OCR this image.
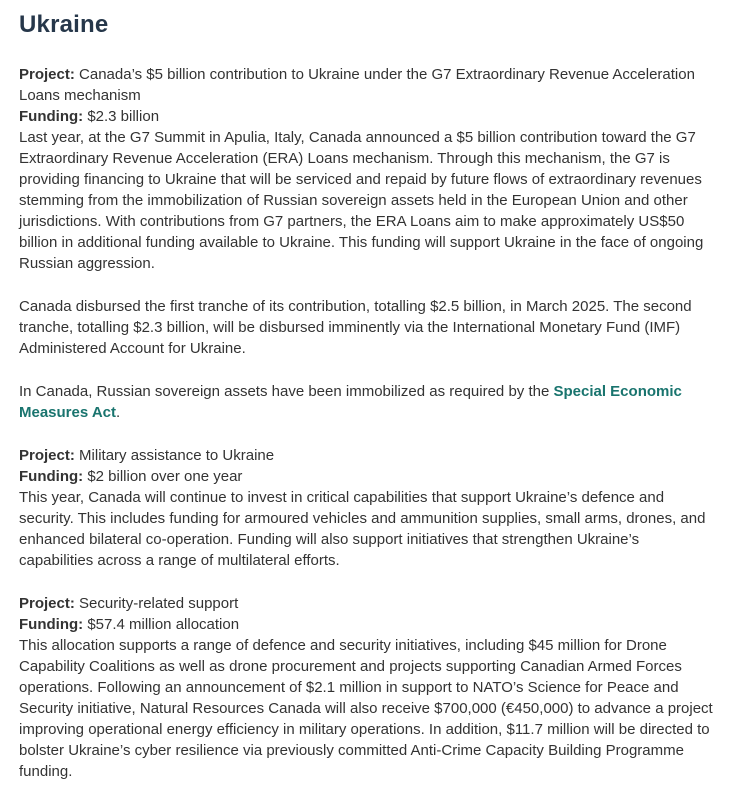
Ukraine
Project: Canada’s $5 billion contribution to Ukraine under the G7 Extraordinary Revenue Acceleration Loans mechanism
Funding: $2.3 billion
Last year, at the G7 Summit in Apulia, Italy, Canada announced a $5 billion contribution toward the G7 Extraordinary Revenue Acceleration (ERA) Loans mechanism. Through this mechanism, the G7 is providing financing to Ukraine that will be serviced and repaid by future flows of extraordinary revenues stemming from the immobilization of Russian sovereign assets held in the European Union and other jurisdictions. With contributions from G7 partners, the ERA Loans aim to make approximately US$50 billion in additional funding available to Ukraine. This funding will support Ukraine in the face of ongoing Russian aggression.

Canada disbursed the first tranche of its contribution, totalling $2.5 billion, in March 2025. The second tranche, totalling $2.3 billion, will be disbursed imminently via the International Monetary Fund (IMF) Administered Account for Ukraine.

In Canada, Russian sovereign assets have been immobilized as required by the Special Economic Measures Act.

Project: Military assistance to Ukraine
Funding: $2 billion over one year
This year, Canada will continue to invest in critical capabilities that support Ukraine’s defence and security. This includes funding for armoured vehicles and ammunition supplies, small arms, drones, and enhanced bilateral co-operation. Funding will also support initiatives that strengthen Ukraine’s capabilities across a range of multilateral efforts.
Project: Security-related support
Funding: $57.4 million allocation
This allocation supports a range of defence and security initiatives, including $45 million for Drone Capability Coalitions as well as drone procurement and projects supporting Canadian Armed Forces operations. Following an announcement of $2.1 million in support to NATO’s Science for Peace and Security initiative, Natural Resources Canada will also receive $700,000 (€450,000) to advance a project improving operational energy efficiency in military operations. In addition, $11.7 million will be directed to bolster Ukraine’s cyber resilience via previously committed Anti-Crime Capacity Building Programme funding.
